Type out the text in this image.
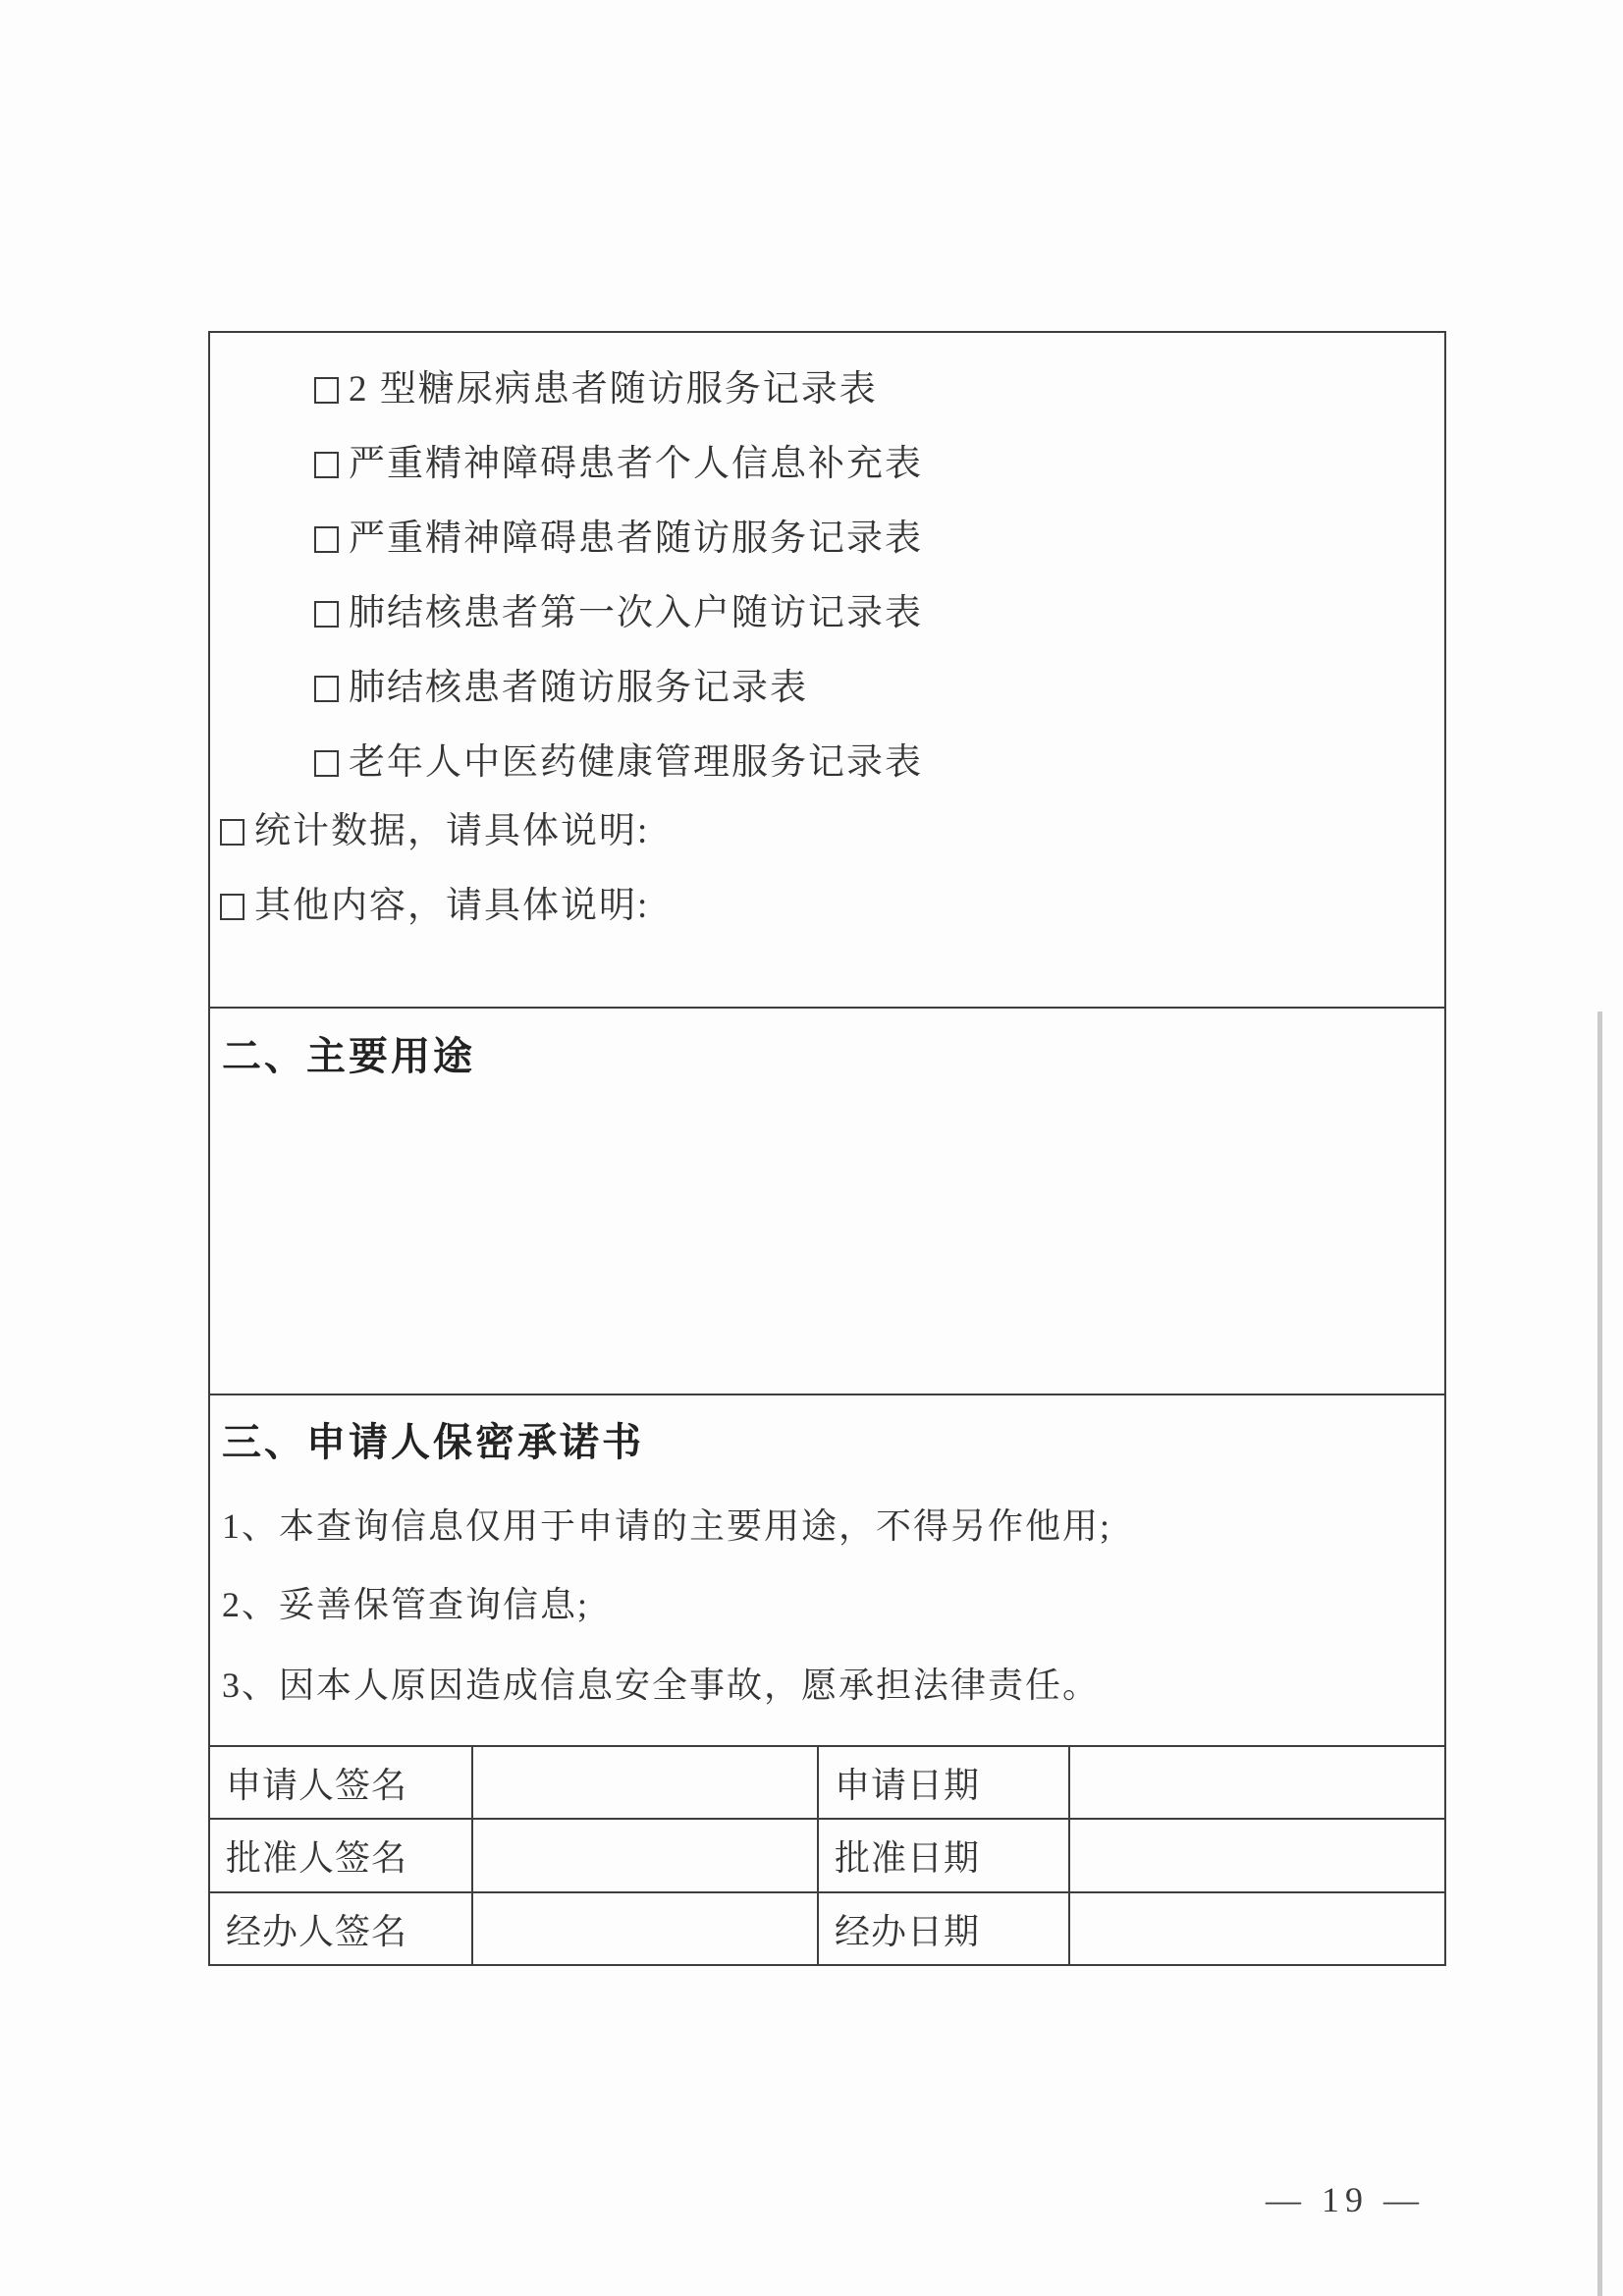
2 型糖尿病患者随访服务记录表
严重精神障碍患者个人信息补充表
严重精神障碍患者随访服务记录表
肺结核患者第一次入户随访记录表
肺结核患者随访服务记录表
老年人中医药健康管理服务记录表
统计数据，请具体说明:
其他内容，请具体说明:
二、主要用途
三、申请人保密承诺书
1、本查询信息仅用于申请的主要用途，不得另作他用;
2、妥善保管查询信息;
3、因本人原因造成信息安全事故，愿承担法律责任。
申请人签名	申请日期
批准人签名	批准日期
经办人签名	经办日期
— 19 —
